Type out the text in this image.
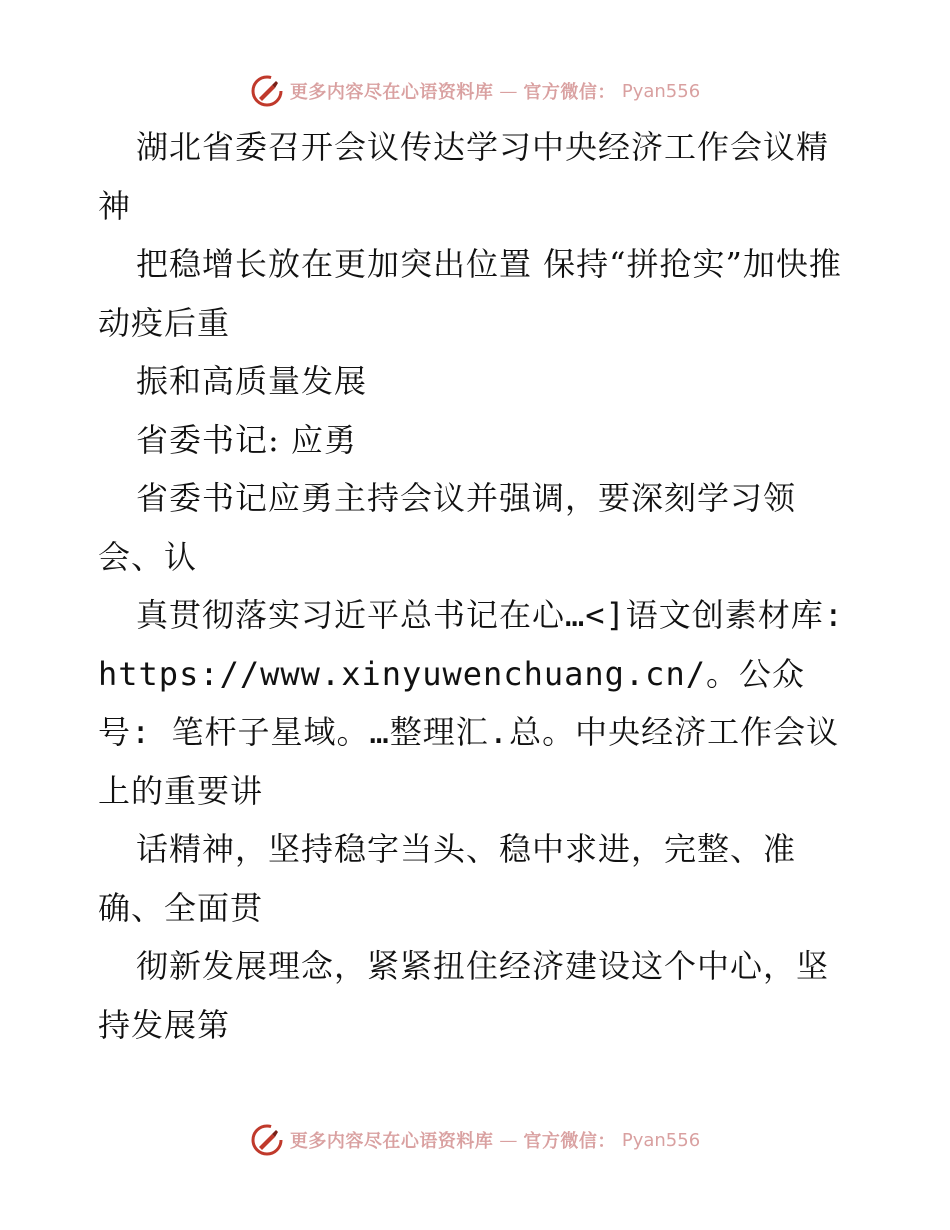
更多内容尽在心语资料库 — 官方微信： Pyan556

湖北省委召开会议传达学习中央经济工作会议精神

把稳增长放在更加突出位置 保持“拼抢实”加快推动疫后重

振和高质量发展

省委书记: 应勇

省委书记应勇主持会议并强调，要深刻学习领会、认

真贯彻落实习近平总书记在心…<]语文创素材库: https://www.xinyuwenchuang.cn/。公众号: 笔杆子星域。…整理汇.总。中央经济工作会议上的重要讲

话精神，坚持稳字当头、稳中求进，完整、准确、全面贯

彻新发展理念，紧紧扭住经济建设这个中心，坚持发展第

更多内容尽在心语资料库 — 官方微信： Pyan556
